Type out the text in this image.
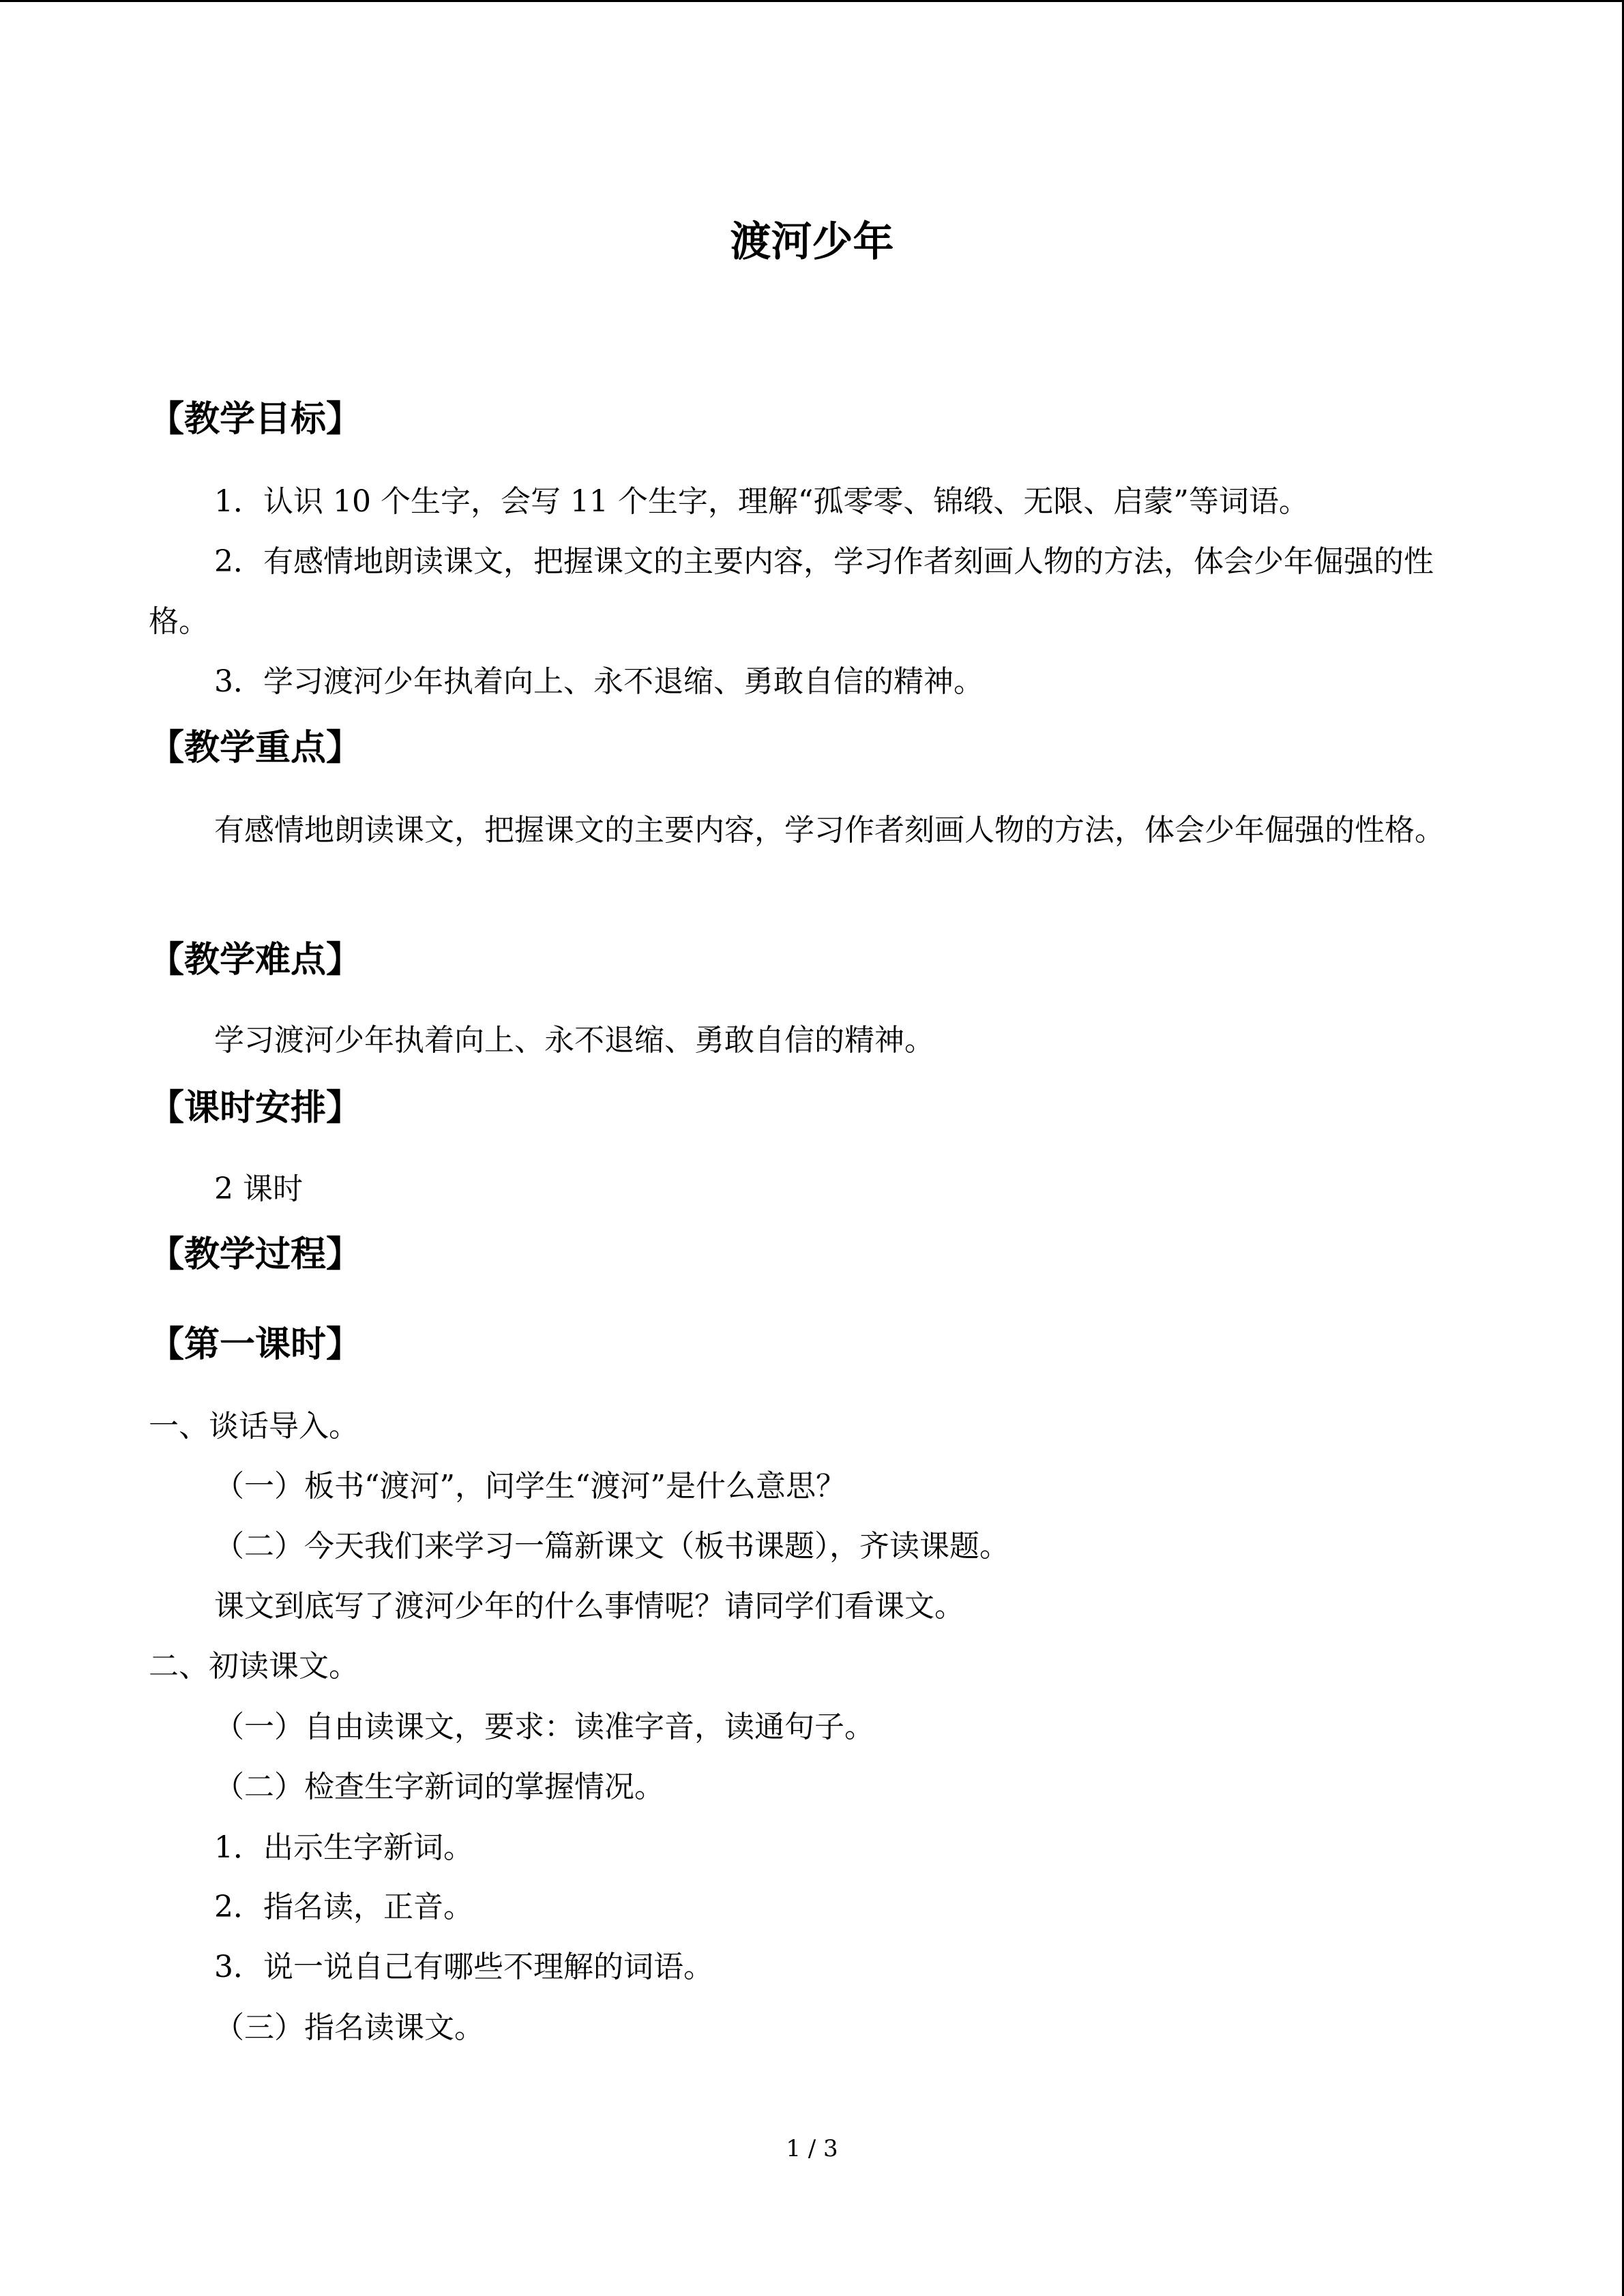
渡河少年
【教学目标】
1．认识 10 个生字，会写 11 个生字，理解“孤零零、锦缎、无限、启蒙”等词语。
2．有感情地朗读课文，把握课文的主要内容，学习作者刻画人物的方法，体会少年倔强的性格。
3．学习渡河少年执着向上、永不退缩、勇敢自信的精神。
【教学重点】
有感情地朗读课文，把握课文的主要内容，学习作者刻画人物的方法，体会少年倔强的性格。
【教学难点】
学习渡河少年执着向上、永不退缩、勇敢自信的精神。
【课时安排】
2 课时
【教学过程】
【第一课时】
一、谈话导入。
（一）板书“渡河”，问学生“渡河”是什么意思？
（二）今天我们来学习一篇新课文（板书课题），齐读课题。
课文到底写了渡河少年的什么事情呢？请同学们看课文。
二、初读课文。
（一）自由读课文，要求：读准字音，读通句子。
（二）检查生字新词的掌握情况。
1．出示生字新词。
2．指名读，正音。
3．说一说自己有哪些不理解的词语。
（三）指名读课文。
1 / 3
